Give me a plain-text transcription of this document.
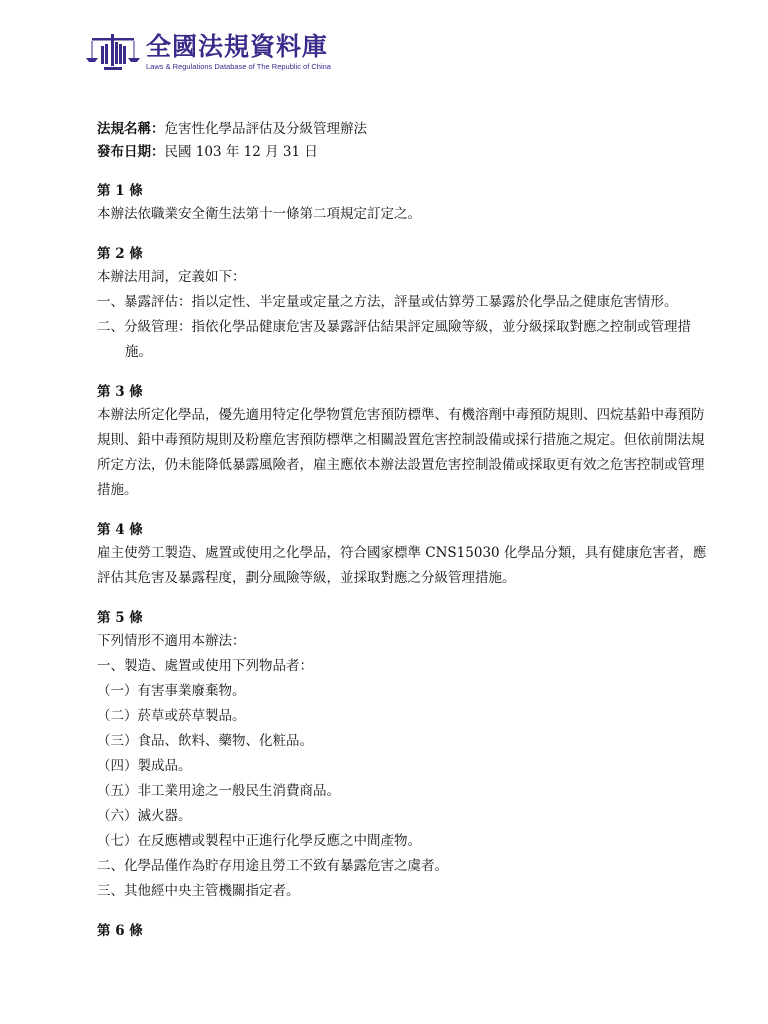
全國法規資料庫
Laws & Regulations Database of The Republic of China
法規名稱：危害性化學品評估及分級管理辦法
發布日期：民國 103 年 12 月 31 日
第 1 條

本辦法依職業安全衛生法第十一條第二項規定訂定之。

第 2 條

本辦法用詞，定義如下：

一、暴露評估：指以定性、半定量或定量之方法，評量或估算勞工暴露於化學品之健康危害情形。

二、分級管理：指依化學品健康危害及暴露評估結果評定風險等級，並分級採取對應之控制或管理措施。

第 3 條

本辦法所定化學品，優先適用特定化學物質危害預防標準、有機溶劑中毒預防規則、四烷基鉛中毒預防規則、鉛中毒預防規則及粉塵危害預防標準之相關設置危害控制設備或採行措施之規定。但依前開法規所定方法，仍未能降低暴露風險者，雇主應依本辦法設置危害控制設備或採取更有效之危害控制或管理措施。

第 4 條

雇主使勞工製造、處置或使用之化學品，符合國家標準 CNS15030 化學品分類，具有健康危害者，應評估其危害及暴露程度，劃分風險等級，並採取對應之分級管理措施。

第 5 條

下列情形不適用本辦法：

一、製造、處置或使用下列物品者：

（一）有害事業廢棄物。

（二）菸草或菸草製品。

（三）食品、飲料、藥物、化粧品。

（四）製成品。

（五）非工業用途之一般民生消費商品。

（六）滅火器。

（七）在反應槽或製程中正進行化學反應之中間產物。

二、化學品僅作為貯存用途且勞工不致有暴露危害之虞者。

三、其他經中央主管機關指定者。

第 6 條
